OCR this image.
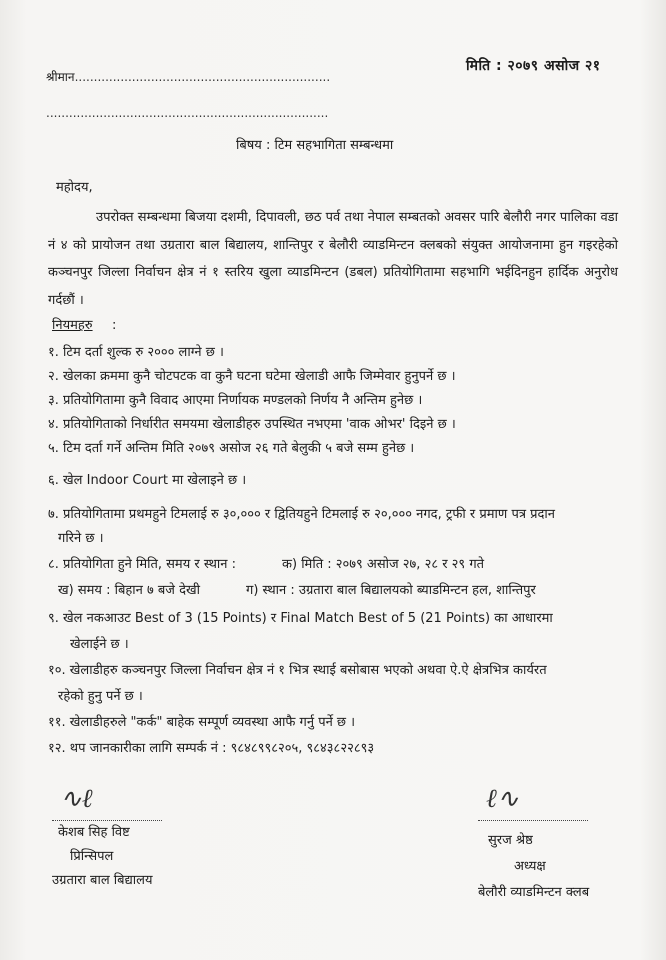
मिति : २०७९ असोज २१
श्रीमान...................................................................
..........................................................................
बिषय : टिम सहभागिता सम्बन्धमा
महोदय,
उपरोक्त सम्बन्धमा बिजया दशमी, दिपावली, छठ पर्व तथा नेपाल सम्बतको अवसर पारि बेलौरी नगर पालिका वडा नं ४ को प्रायोजन तथा उग्रतारा बाल बिद्यालय, शान्तिपुर र बेलौरी व्याडमिन्टन क्लबको संयुक्त आयोजनामा हुन गइरहेको कञ्चनपुर जिल्ला निर्वाचन क्षेत्र नं १ स्तरिय खुला व्याडमिन्टन (डबल) प्रतियोगितामा सहभागि भईदिनहुन हार्दिक अनुरोध गर्दछौं ।
नियमहरु :
१. टिम दर्ता शुल्क रु २००० लाग्ने छ ।
२. खेलका क्रममा कुनै चोटपटक वा कुनै घटना घटेमा खेलाडी आफै जिम्मेवार हुनुपर्ने छ ।
३. प्रतियोगितामा कुनै विवाद आएमा निर्णायक मण्डलको निर्णय नै अन्तिम हुनेछ ।
४. प्रतियोगिताको निर्धारीत समयमा खेलाडीहरु उपस्थित नभएमा 'वाक ओभर' दिइने छ ।
५. टिम दर्ता गर्ने अन्तिम मिति २०७९ असोज २६ गते बेलुकी ५ बजे सम्म हुनेछ ।
६. खेल Indoor Court मा खेलाइने छ ।
७. प्रतियोगितामा प्रथमहुने टिमलाई रु ३०,००० र द्वितियहुने टिमलाई रु २०,००० नगद, ट्रफी र प्रमाण पत्र प्रदान
गरिने छ ।
८. प्रतियोगिता हुने मिति, समय र स्थान :	क) मिति : २०७९ असोज २७, २८ र २९ गते
ख) समय : बिहान ७ बजे देखी	ग) स्थान : उग्रतारा बाल बिद्यालयको ब्याडमिन्टन हल, शान्तिपुर
९. खेल नकआउट Best of 3 (15 Points) र Final Match Best of 5 (21 Points) का आधारमा
खेलाईने छ ।
१०. खेलाडीहरु कञ्चनपुर जिल्ला निर्वाचन क्षेत्र नं १ भित्र स्थाई बसोबास भएको अथवा ऐ.ऐ क्षेत्रभित्र कार्यरत
रहेको हुनु पर्ने छ ।
११. खेलाडीहरुले "कर्क" बाहेक सम्पूर्ण व्यवस्था आफै गर्नु पर्ने छ ।
१२. थप जानकारीका लागि सम्पर्क नं : ९८४८९९८२०५, ९८४३८२२८९३
∿ℓ
केशब सिह विष्ट
प्रिन्सिपल
उग्रतारा बाल बिद्यालय
ℓ∿
सुरज श्रेष्ठ
अध्यक्ष
बेलौरी व्याडमिन्टन क्लब
